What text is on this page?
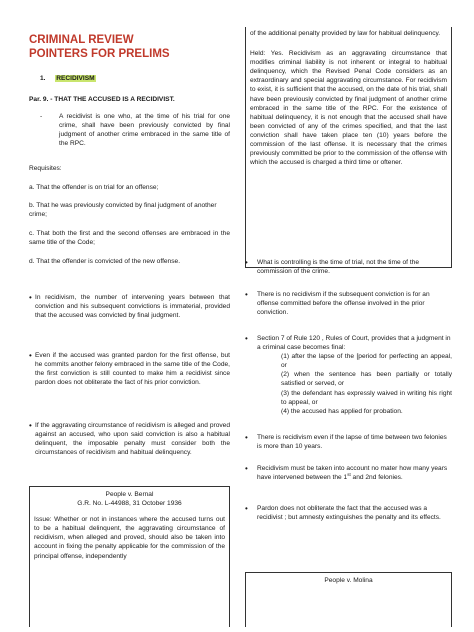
CRIMINAL REVIEW
POINTERS FOR PRELIMS
1. RECIDIVISM

Par. 9. - THAT THE ACCUSED IS A RECIDIVIST.

-	A recidivist is one who, at the time of his trial for one crime, shall have been previously convicted by final judgment of another crime embraced in the same title of the RPC.

Requisites:

a. That the offender is on trial for an offense;

b. That he was previously convicted by final judgment of another crime;

c. That both the first and the second offenses are embraced in the same title of the Code;

d. That the offender is convicted of the new offense.

• In recidivism, the number of intervening years between that conviction and his subsequent convictions is immaterial, provided that the accused was convicted by final judgment.

• Even if the accused was granted pardon for the first offense, but he commits another felony embraced in the same title of the Code, the first conviction is still counted to make him a recidivist since pardon does not obliterate the fact of his prior conviction.

• If the aggravating circumstance of recidivism is alleged and proved against an accused, who upon said conviction is also a habitual delinquent, the imposable penalty must consider both the circumstances of recidivism and habitual delinquency.

People v. Bernal

G.R. No. L-44988, 31 October 1936

Issue: Whether or not in instances where the accused turns out to be a habitual delinquent, the aggravating circumstance of recidivism, when alleged and proved, should also be taken into account in fixing the penalty applicable for the commission of the principal offense, independently

of the additional penalty provided by law for habitual delinquency.

Held: Yes. Recidivism as an aggravating circumstance that modifies criminal liability is not inherent or integral to habitual delinquency, which the Revised Penal Code considers as an extraordinary and special aggravating circumstance. For recidivism to exist, it is sufficient that the accused, on the date of his trial, shall have been previously convicted by final judgment of another crime embraced in the same title of the RPC. For the existence of habitual delinquency, it is not enough that the accused shall have been convicted of any of the crimes specified, and that the last conviction shall have taken place ten (10) years before the commission of the last offense. It is necessary that the crimes previously committed be prior to the commission of the offense with which the accused is charged a third time or oftener.

• What is controlling is the time of trial, not the time of the commission of the crime.

• There is no recidivism if the subsequent conviction is for an offense committed before the offense involved in the prior conviction.

• Section 7 of Rule 120 , Rules of Court, provides that a judgment in a criminal case becomes final:

(1) after the lapse of the [period for perfecting an appeal, or

(2) when the sentence has been partially or totally satisfied or served, or

(3) the defendant has expressly waived in writing his right to appeal, or

(4) the accused has applied for probation.

• There is recidivism even if the lapse of time between two felonies is more than 10 years.

• Recidivism must be taken into account no mater how many years have intervened between the 1st and 2nd felonies.

• Pardon does not obliterate the fact that the accused was a recidivist ; but amnesty extinguishes the penalty and its effects.

People v. Molina
